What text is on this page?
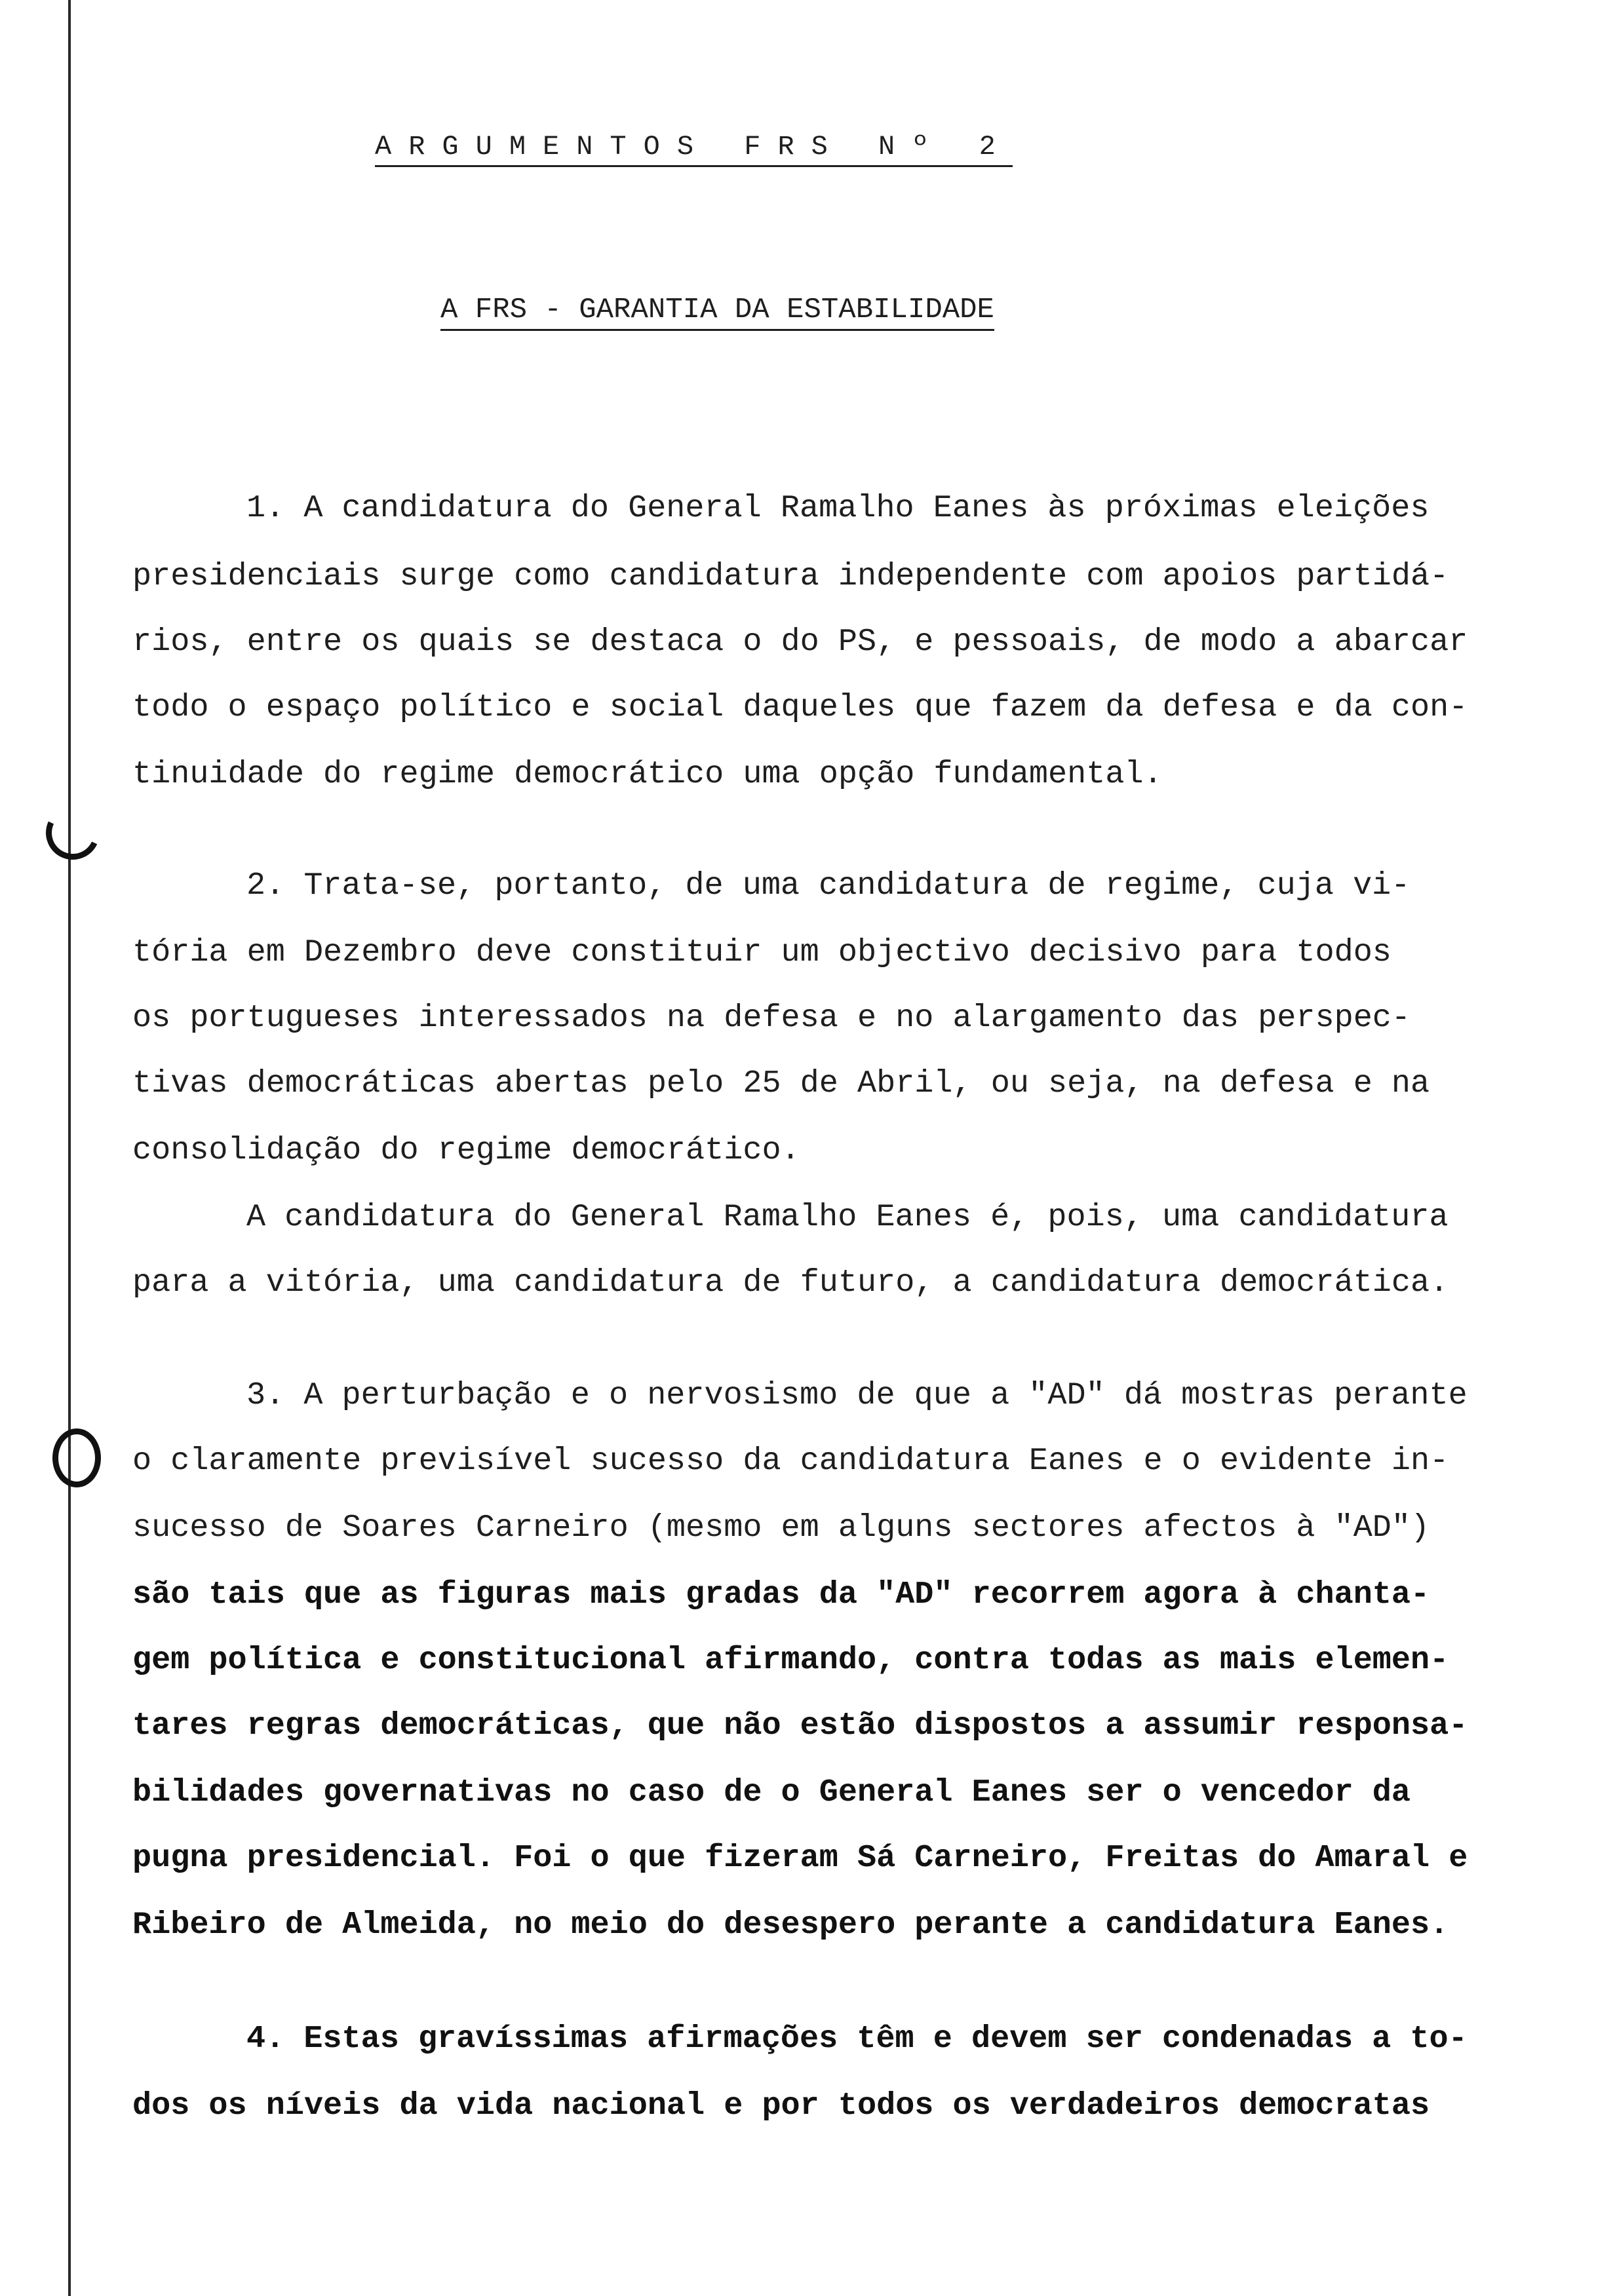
ARGUMENTOS FRS Nº 2
A FRS - GARANTIA DA ESTABILIDADE
1. A candidatura do General Ramalho Eanes às próximas eleições
presidenciais surge como candidatura independente com apoios partidá-
rios, entre os quais se destaca o do PS, e pessoais, de modo a abarcar
todo o espaço político e social daqueles que fazem da defesa e da con-
tinuidade do regime democrático uma opção fundamental.
2. Trata-se, portanto, de uma candidatura de regime, cuja vi-
tória em Dezembro deve constituir um objectivo decisivo para todos
os portugueses interessados na defesa e no alargamento das perspec-
tivas democráticas abertas pelo 25 de Abril, ou seja, na defesa e na
consolidação do regime democrático.
A candidatura do General Ramalho Eanes é, pois, uma candidatura
para a vitória, uma candidatura de futuro, a candidatura democrática.
3. A perturbação e o nervosismo de que a "AD" dá mostras perante
o claramente previsível sucesso da candidatura Eanes e o evidente in-
sucesso de Soares Carneiro (mesmo em alguns sectores afectos à "AD")
são tais que as figuras mais gradas da "AD" recorrem agora à chanta-
gem política e constitucional afirmando, contra todas as mais elemen-
tares regras democráticas, que não estão dispostos a assumir responsa-
bilidades governativas no caso de o General Eanes ser o vencedor da
pugna presidencial. Foi o que fizeram Sá Carneiro, Freitas do Amaral e
Ribeiro de Almeida, no meio do desespero perante a candidatura Eanes.
4. Estas gravíssimas afirmações têm e devem ser condenadas a to-
dos os níveis da vida nacional e por todos os verdadeiros democratas
